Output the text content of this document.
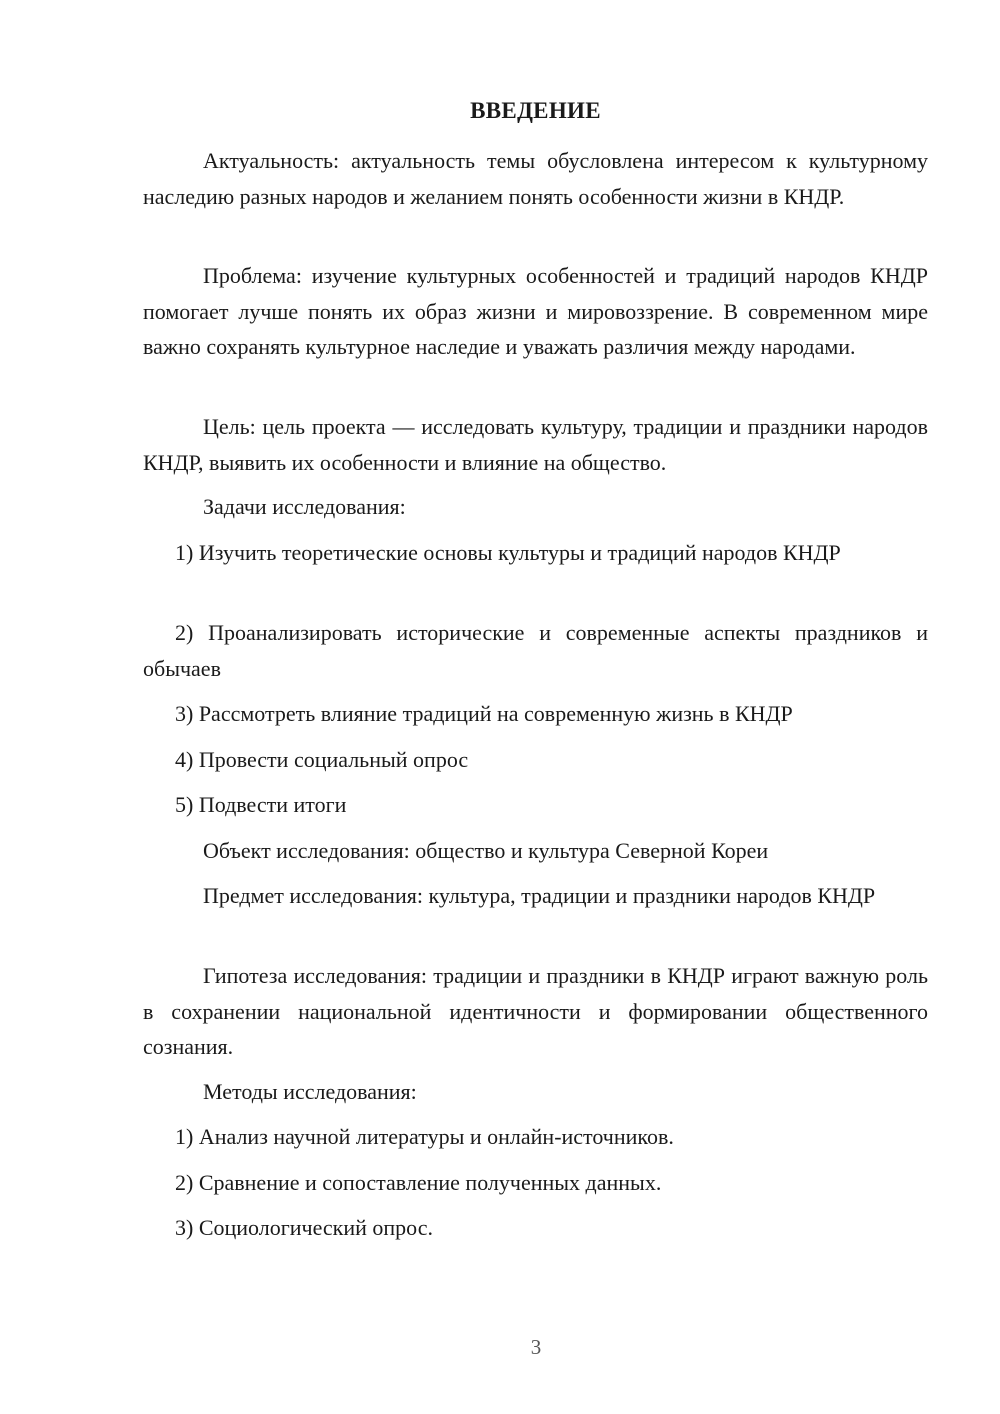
ВВЕДЕНИЕ

Актуальность: актуальность темы обусловлена интересом к культурному наследию разных народов и желанием понять особенности жизни в КНДР.

Проблема: изучение культурных особенностей и традиций народов КНДР помогает лучше понять их образ жизни и мировоззрение. В современном мире важно сохранять культурное наследие и уважать различия между народами.

Цель: цель проекта — исследовать культуру, традиции и праздники народов КНДР, выявить их особенности и влияние на общество.

Задачи исследования:

1) Изучить теоретические основы культуры и традиций народов КНДР

2) Проанализировать исторические и современные аспекты праздников и обычаев

3) Рассмотреть влияние традиций на современную жизнь в КНДР

4) Провести социальный опрос

5) Подвести итоги

Объект исследования: общество и культура Северной Кореи

Предмет исследования: культура, традиции и праздники народов КНДР

Гипотеза исследования: традиции и праздники в КНДР играют важную роль в сохранении национальной идентичности и формировании общественного сознания.

Методы исследования:

1) Анализ научной литературы и онлайн-источников.

2) Сравнение и сопоставление полученных данных.

3) Социологический опрос.

3
